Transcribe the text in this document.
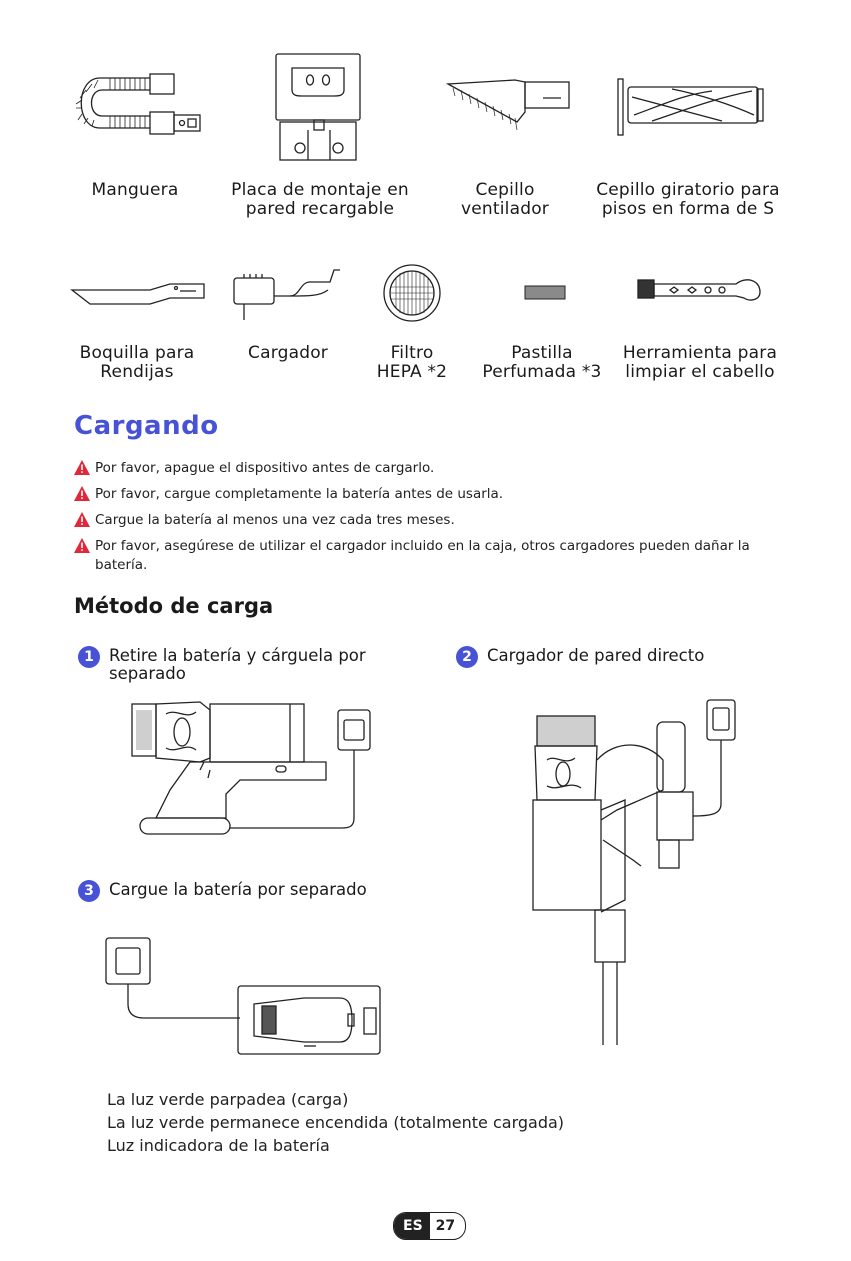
Manguera	Placa de montaje en
pared recargable
Cepillo
ventilador
Cepillo giratorio para
pisos en forma de S
Boquilla para
Rendijas
Cargador	Filtro
HEPA *2
Pastilla
Perfumada *3
Herramienta para
limpiar el cabello
Cargando
Por favor, apague el dispositivo antes de cargarlo.
Por favor, cargue completamente la batería antes de usarla.
Cargue la batería al menos una vez cada tres meses.
Por favor, asegúrese de utilizar el cargador incluido en la caja, otros cargadores pueden dañar la batería.
Método de carga
1 Retire la batería y cárguela por
separado
2 Cargador de pared directo
3 Cargue la batería por separado
La luz verde parpadea (carga)
La luz verde permanece encendida (totalmente cargada)
Luz indicadora de la batería
ES 27
